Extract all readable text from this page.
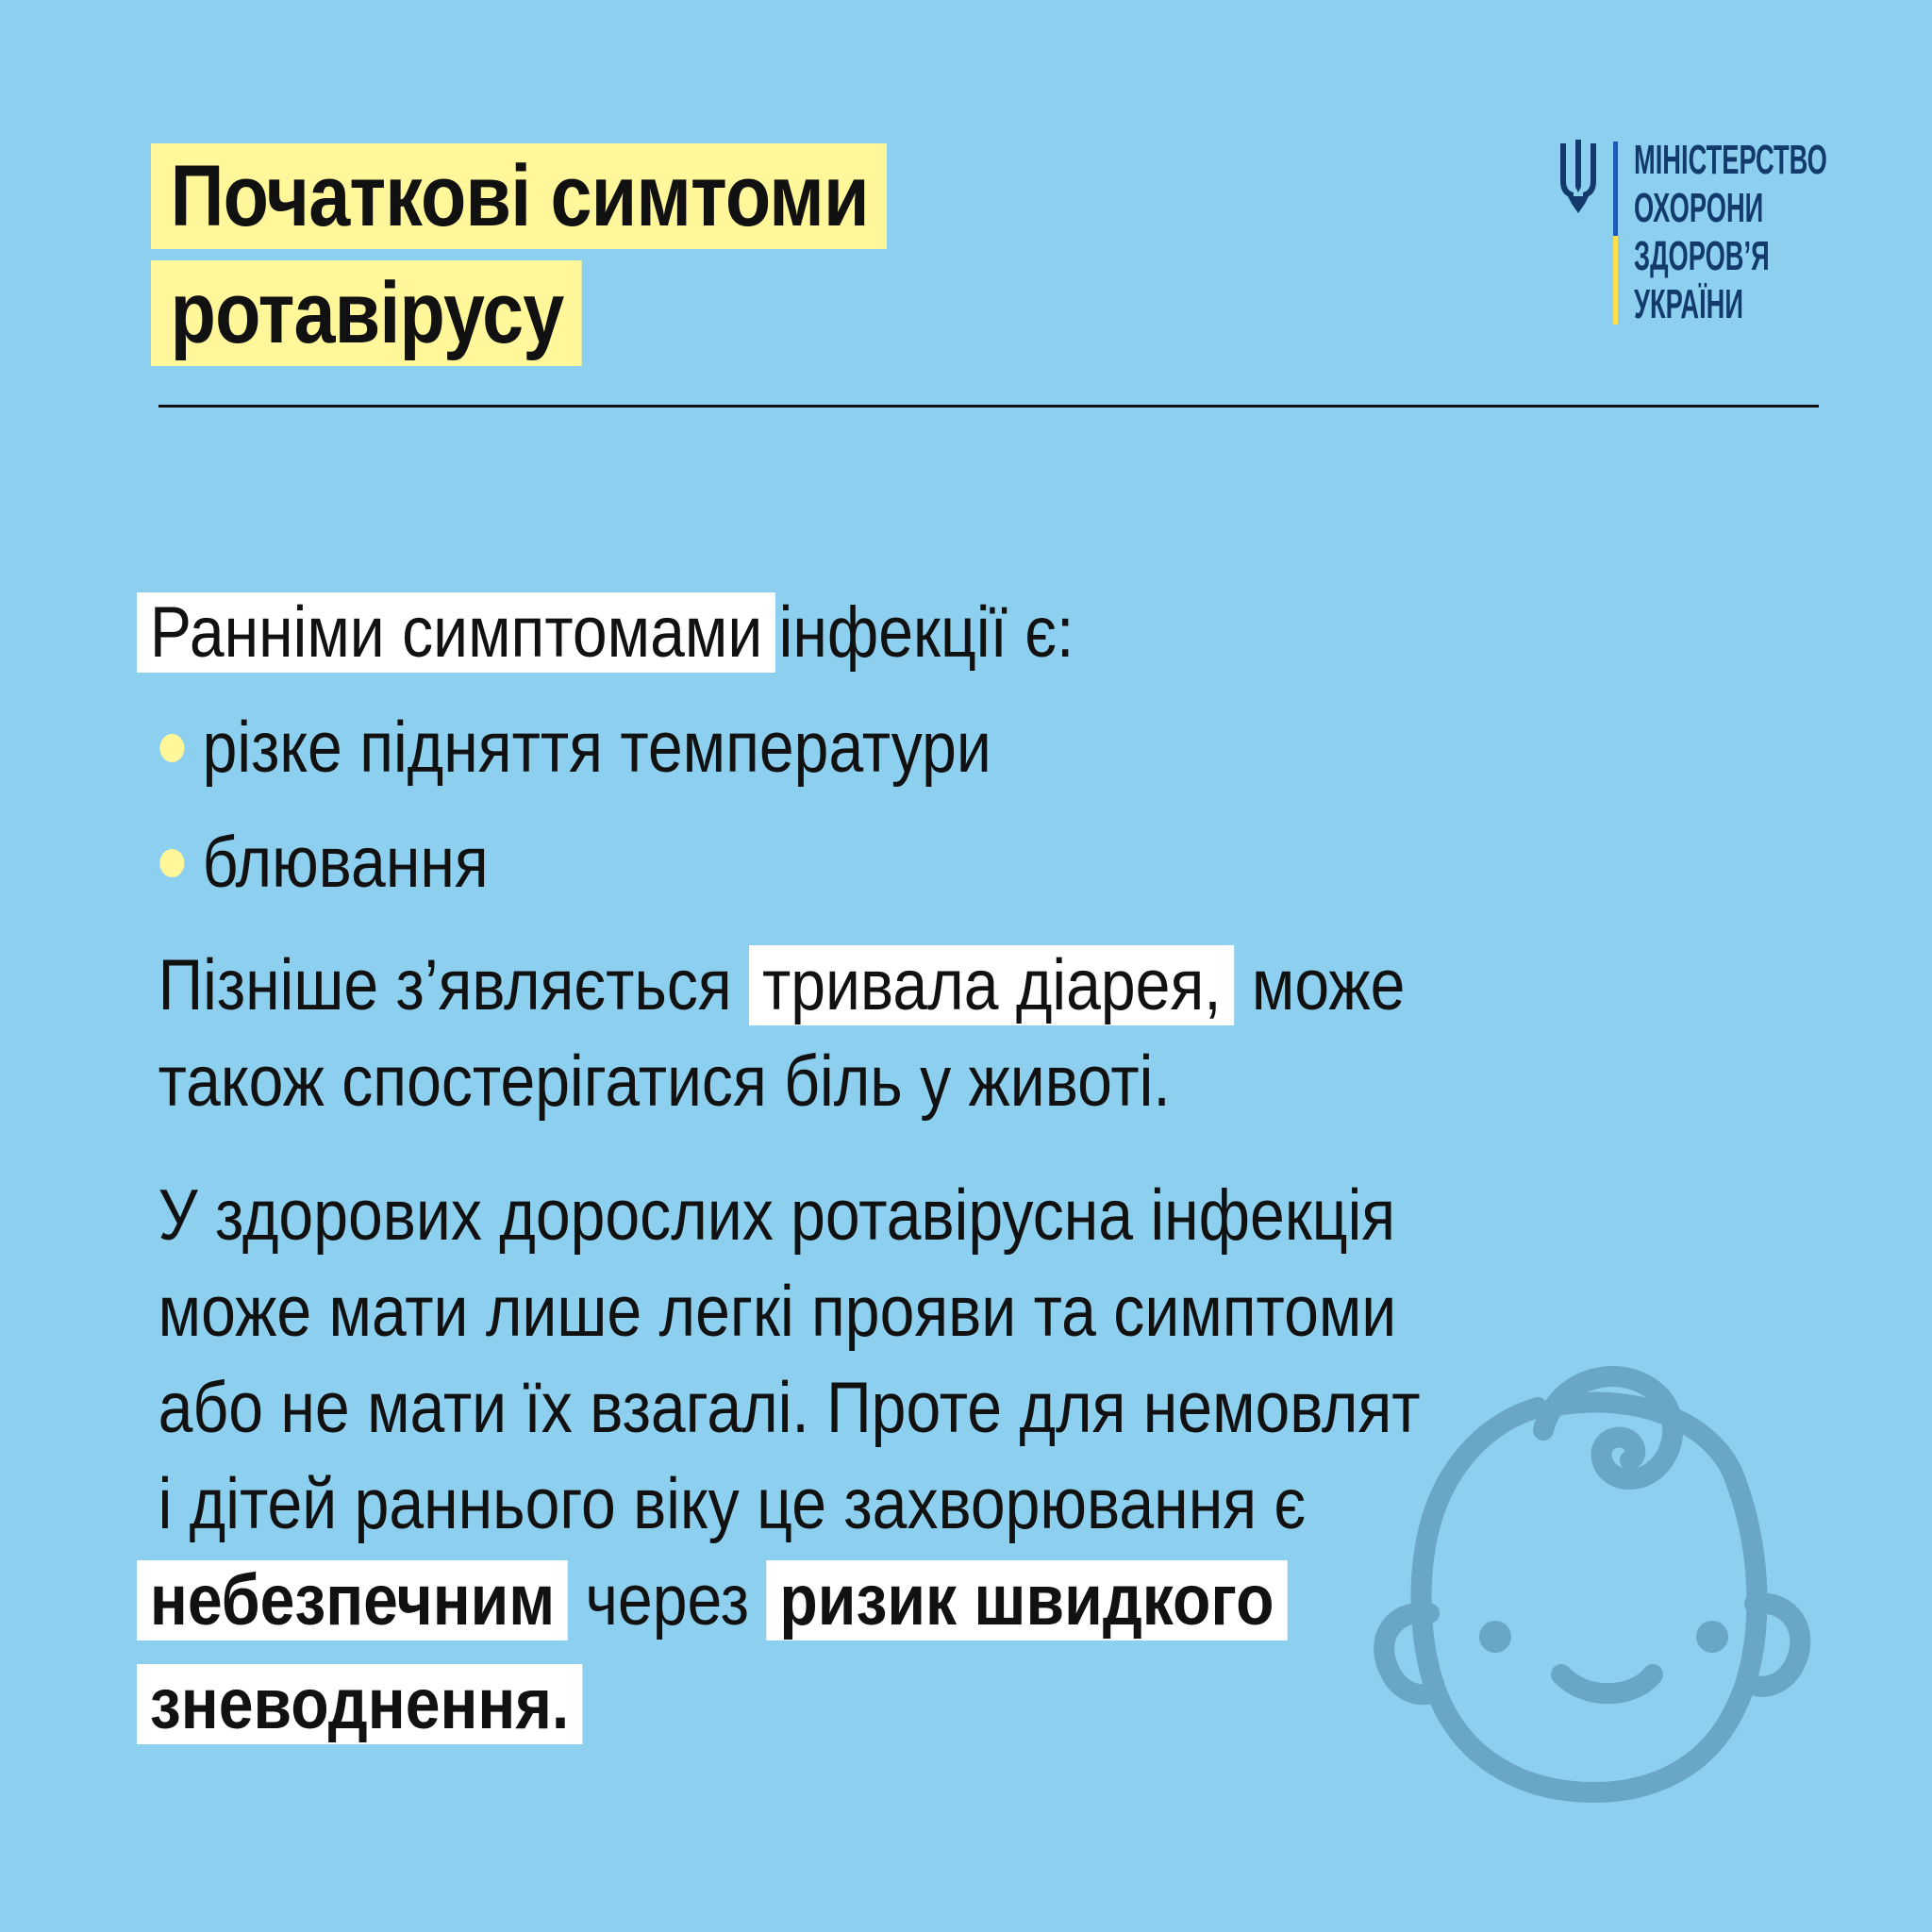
Початкові симтоми
ротавірусу
МІНІСТЕРСТВО
ОХОРОНИ
ЗДОРОВ’Я
УКРАЇНИ
Ранніми симптомами інфекції є:
різке підняття температури
блювання
Пізніше з’являється тривала діарея, може
також спостерігатися біль у животі.
У здорових дорослих ротавірусна інфекція
може мати лише легкі прояви та симптоми
або не мати їх взагалі. Проте для немовлят
і дітей раннього віку це захворювання є
небезпечним через ризик швидкого
зневоднення.
